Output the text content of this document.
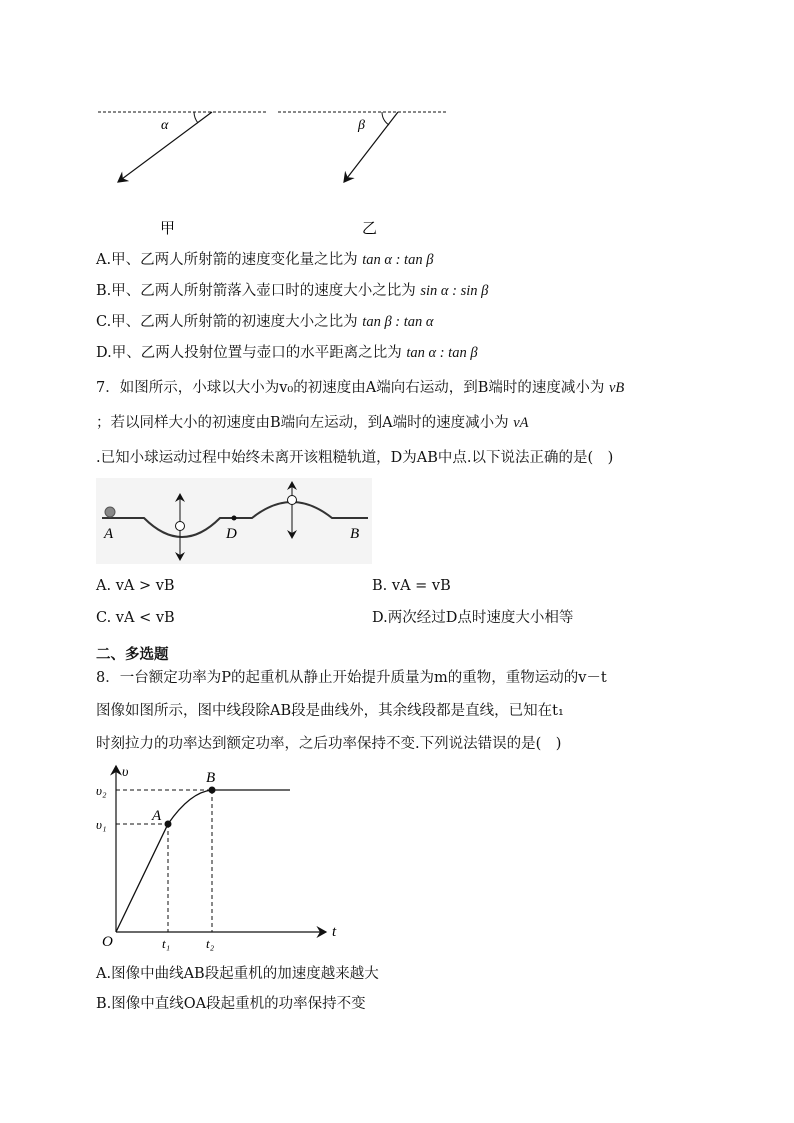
α	β
甲	乙
A.甲、乙两人所射箭的速度变化量之比为 tan α : tan β
B.甲、乙两人所射箭落入壶口时的速度大小之比为 sin α : sin β
C.甲、乙两人所射箭的初速度大小之比为 tan β : tan α
D.甲、乙两人投射位置与壶口的水平距离之比为 tan α : tan β
7．如图所示，小球以大小为v₀的初速度由A端向右运动，到B端时的速度减小为 vB
；若以同样大小的初速度由B端向左运动，到A端时的速度减小为 vA
.已知小球运动过程中始终未离开该粗糙轨道，D为AB中点.以下说法正确的是(　)
A	D	B
A. vA > vB	B. vA = vB
C. vA < vB	D.两次经过D点时速度大小相等
二、多选题
8．一台额定功率为P的起重机从静止开始提升质量为m的重物，重物运动的v－t
图像如图所示，图中线段除AB段是曲线外，其余线段都是直线，已知在t₁
时刻拉力的功率达到额定功率，之后功率保持不变.下列说法错误的是(　)
υ
t
O
A
B
υ₂
υ₁
t₁	t₂
A.图像中曲线AB段起重机的加速度越来越大
B.图像中直线OA段起重机的功率保持不变
